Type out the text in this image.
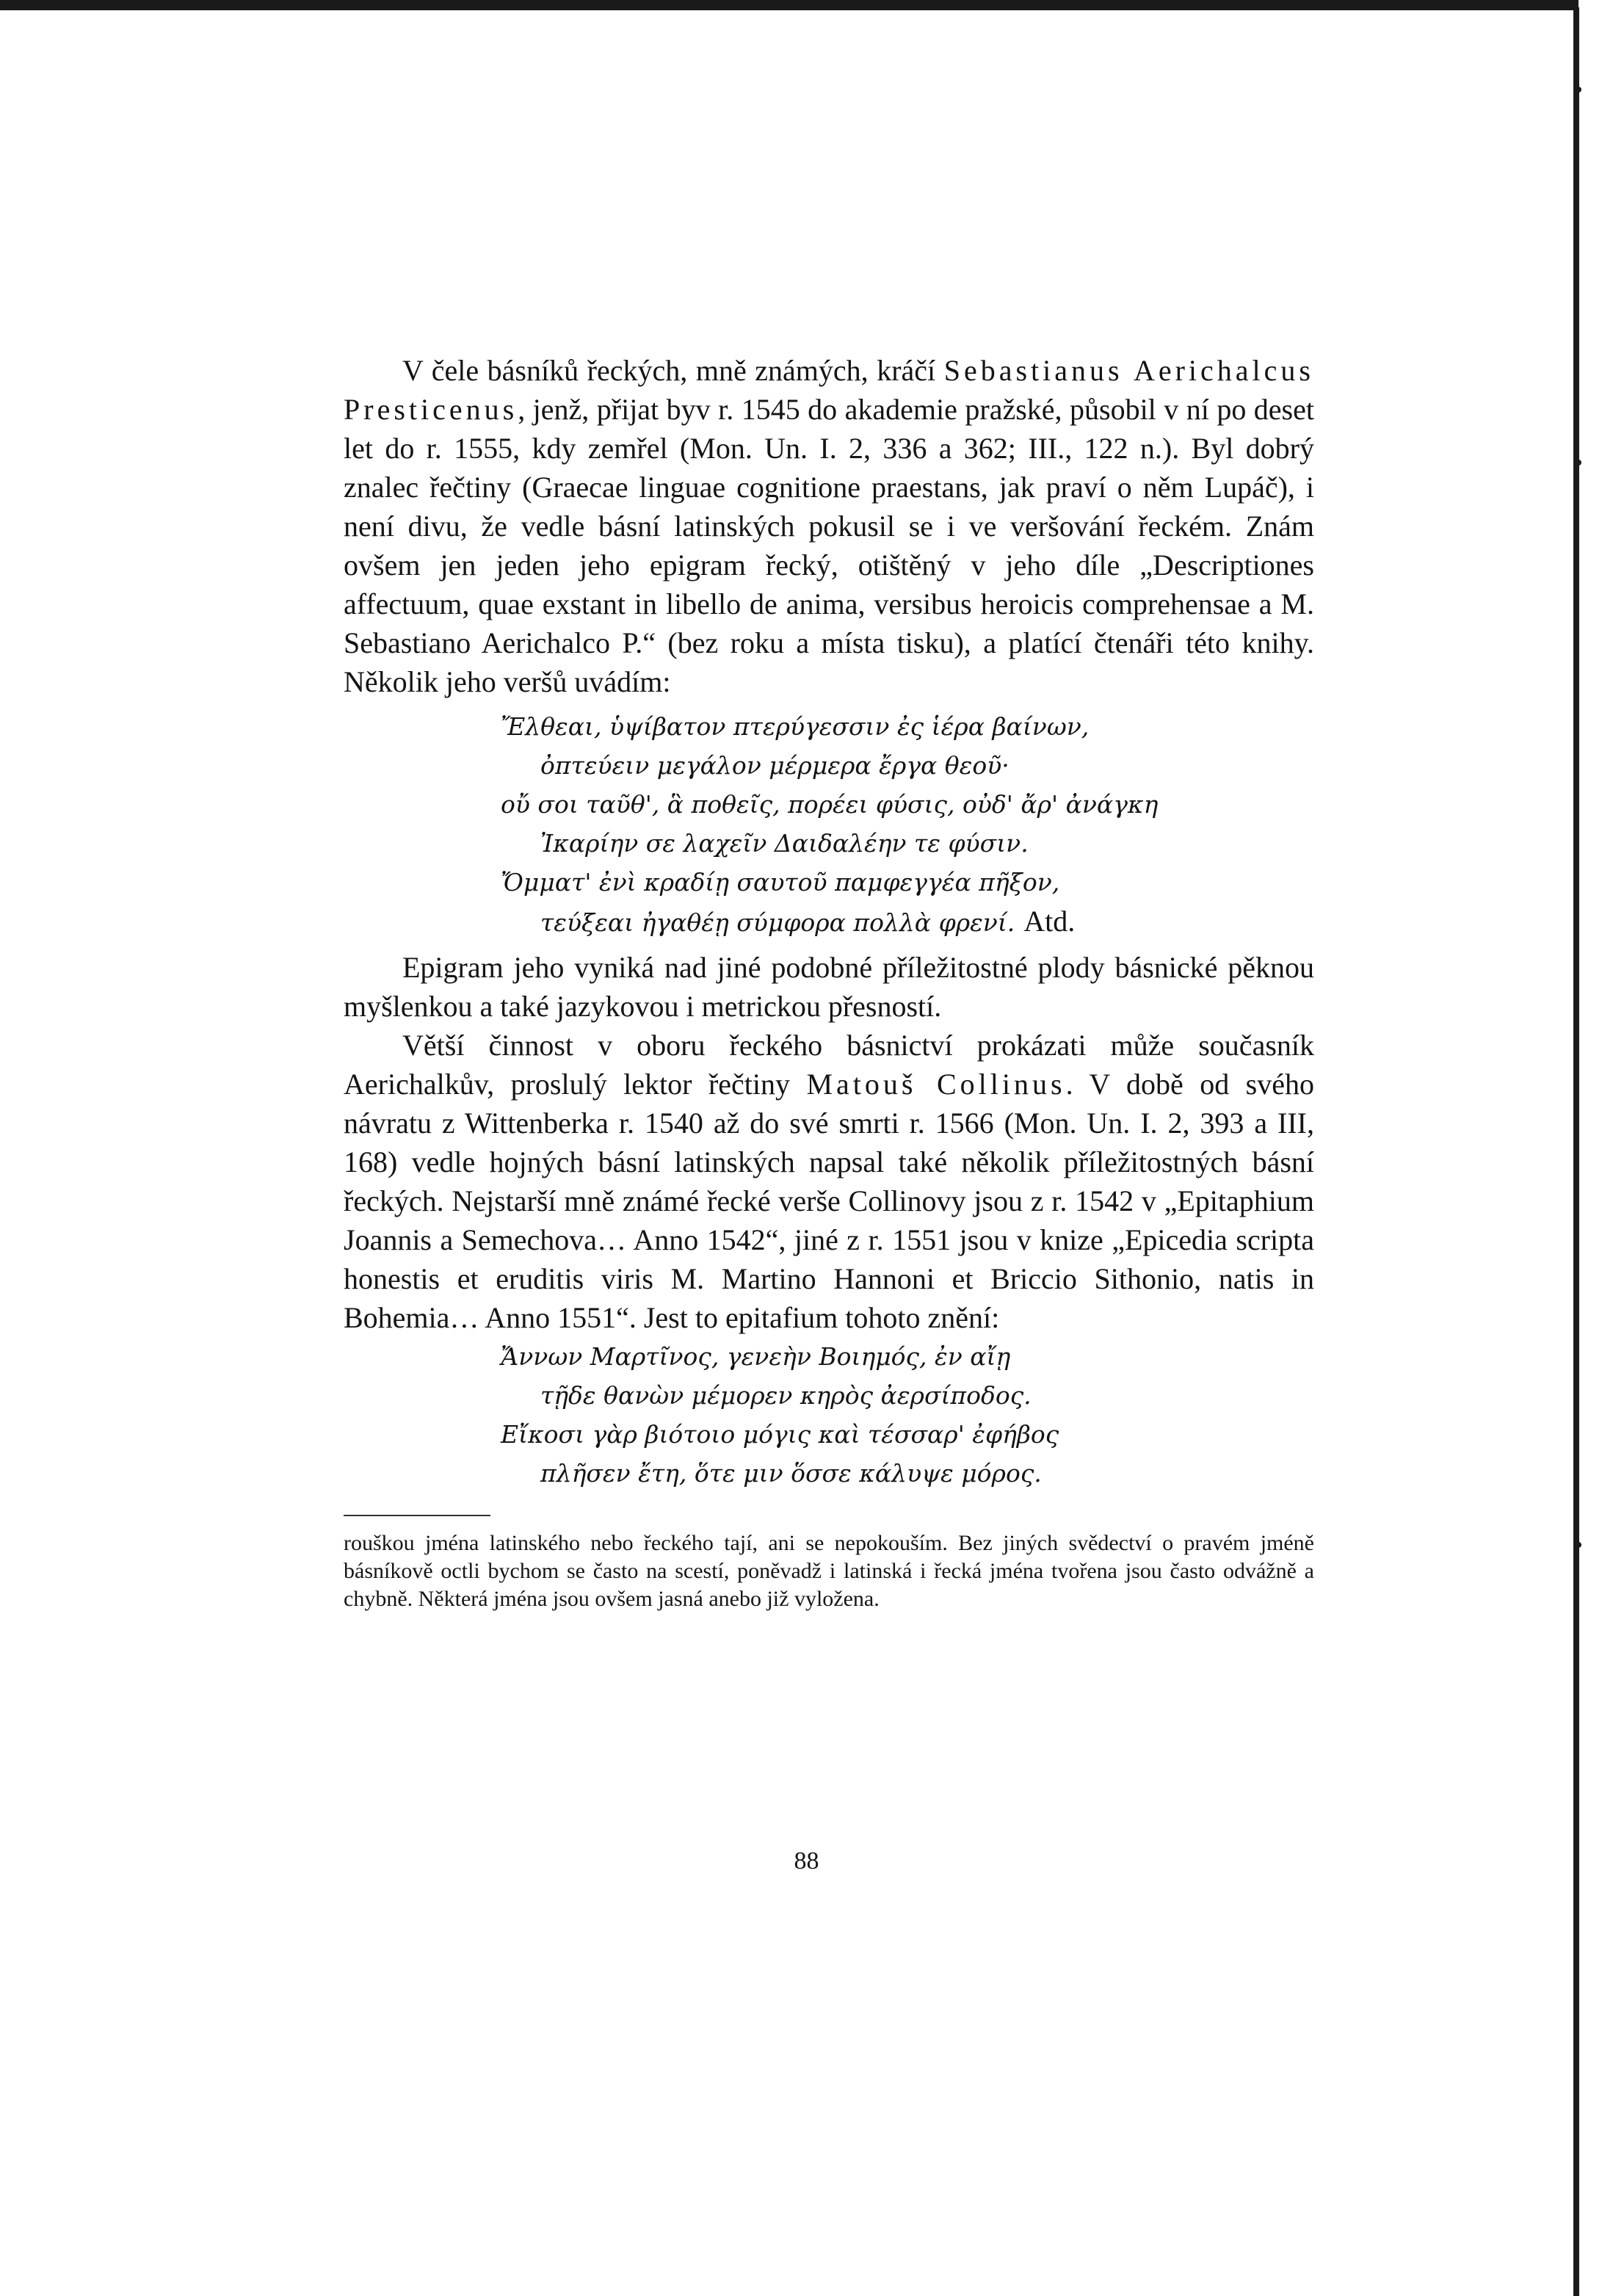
V čele básníků řeckých, mně známých, kráčí Sebastianus Aerichalcus Presticenus, jenž, přijat byv r. 1545 do akademie pražské, působil v ní po deset let do r. 1555, kdy zemřel (Mon. Un. I. 2, 336 a 362; III., 122 n.). Byl dobrý znalec řečtiny (Graecae linguae cognitione praestans, jak praví o něm Lupáč), i není divu, že vedle básní latinských pokusil se i ve veršování řeckém. Znám ovšem jen jeden jeho epigram řecký, otištěný v jeho díle „Descriptiones affectuum, quae exstant in libello de anima, versibus heroicis comprehensae a M. Sebastiano Aerichalco P.“ (bez roku a místa tisku), a platící čtenáři této knihy. Několik jeho veršů uvádím:

Ἔλθεαι, ὑψίβατον πτερύγεσσιν ἐς ἱέρα βαίνων,
ὀπτεύειν μεγάλον μέρμερα ἔργα θεοῦ·
οὔ σοι ταῦθ', ἃ ποθεῖς, πορέει φύσις, οὐδ' ἄρ' ἀνάγκη
Ἰκαρίην σε λαχεῖν Δαιδαλέην τε φύσιν.
Ὄμματ' ἐνὶ κραδίῃ σαυτοῦ παμφεγγέα πῆξον,
τεύξεαι ἠγαθέῃ σύμφορα πολλὰ φρενί. Atd.

Epigram jeho vyniká nad jiné podobné příležitostné plody básnické pěknou myšlenkou a také jazykovou i metrickou přesností.

Větší činnost v oboru řeckého básnictví prokázati může současník Aerichalkův, proslulý lektor řečtiny Matouš Collinus. V době od svého návratu z Wittenberka r. 1540 až do své smrti r. 1566 (Mon. Un. I. 2, 393 a III, 168) vedle hojných básní latinských napsal také několik příležitostných básní řeckých. Nejstarší mně známé řecké verše Collinovy jsou z r. 1542 v „Epitaphium Joannis a Semechova… Anno 1542“, jiné z r. 1551 jsou v knize „Epicedia scripta honestis et eruditis viris M. Martino Hannoni et Briccio Sithonio, natis in Bohemia… Anno 1551“. Jest to epitafium tohoto znění:

Ἄννων Μαρτῖνος, γενεὴν Βοιημός, ἐν αἴῃ
τῇδε θανὼν μέμορεν κηρὸς ἀερσίποδος.
Εἴκοσι γὰρ βιότοιο μόγις καὶ τέσσαρ' ἐφήβος
πλῆσεν ἔτη, ὅτε μιν ὅσσε κάλυψε μόρος.

rouškou jména latinského nebo řeckého tají, ani se nepokouším. Bez jiných svědectví o pravém jméně básníkově octli bychom se často na scestí, poněvadž i latinská i řecká jména tvořena jsou často odvážně a chybně. Některá jména jsou ovšem jasná anebo již vyložena.

88
